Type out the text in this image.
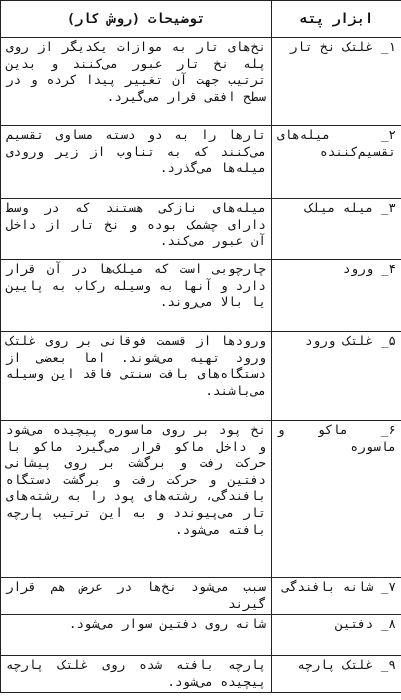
ابزار پته	توضیحات (روش کار)
۱_ غلتک نخ تار	نخ‌های تار به موازات یکدیگر از روی پله نخ تار عبور می‌کنند و بدین ترتیب جهت آن تغییر پیدا کرده و در سطح افقی قرار می‌گیرد.
۲_ میله‌های تقسیم‌کننده	تارها را به دو دسته مساوی تقسیم می‌کنند که به تناوب از زیر ورودی میله‌ها می‌گذرد.
۳_ میله میلک	میله‌های نازکی هستند که در وسط دارای چشمک بوده و نخ تار از داخل آن عبور می‌کند.
۴_ ورود	چارچوبی است که میلک‌ها در آن قرار دارد و آنها به وسیله رکاب به پایین یا بالا می‌روند.
۵_ غلتک ورود	ورودها از قسمت فوقانی بر روی غلتک ورود تهیه می‌شوند. اما بعضی از دستگاه‌های بافت سنتی فاقد این وسیله می‌باشند.
۶_ ماکو و ماسوره	نخ پود بر روی ماسوره پیچیده می‌شود و داخل ماکو قرار می‌گیرد ماکو با حرکت رفت و برگشت بر روی پیشانی دفتین و حرکت رفت و برگشت دستگاه بافندگی، رشته‌های پود را به رشته‌های تار می‌پیوندد و به این ترتیب پارچه بافته می‌شود.
۷_ شانه بافندگی	سبب می‌شود نخ‌ها در عرض هم قرار گیرند
۸_ دفتین	شانه روی دفتین سوار می‌شود.
۹_ غلتک پارچه	پارچه بافته شده روی غلتک پارچه پیچیده می‌شود.
